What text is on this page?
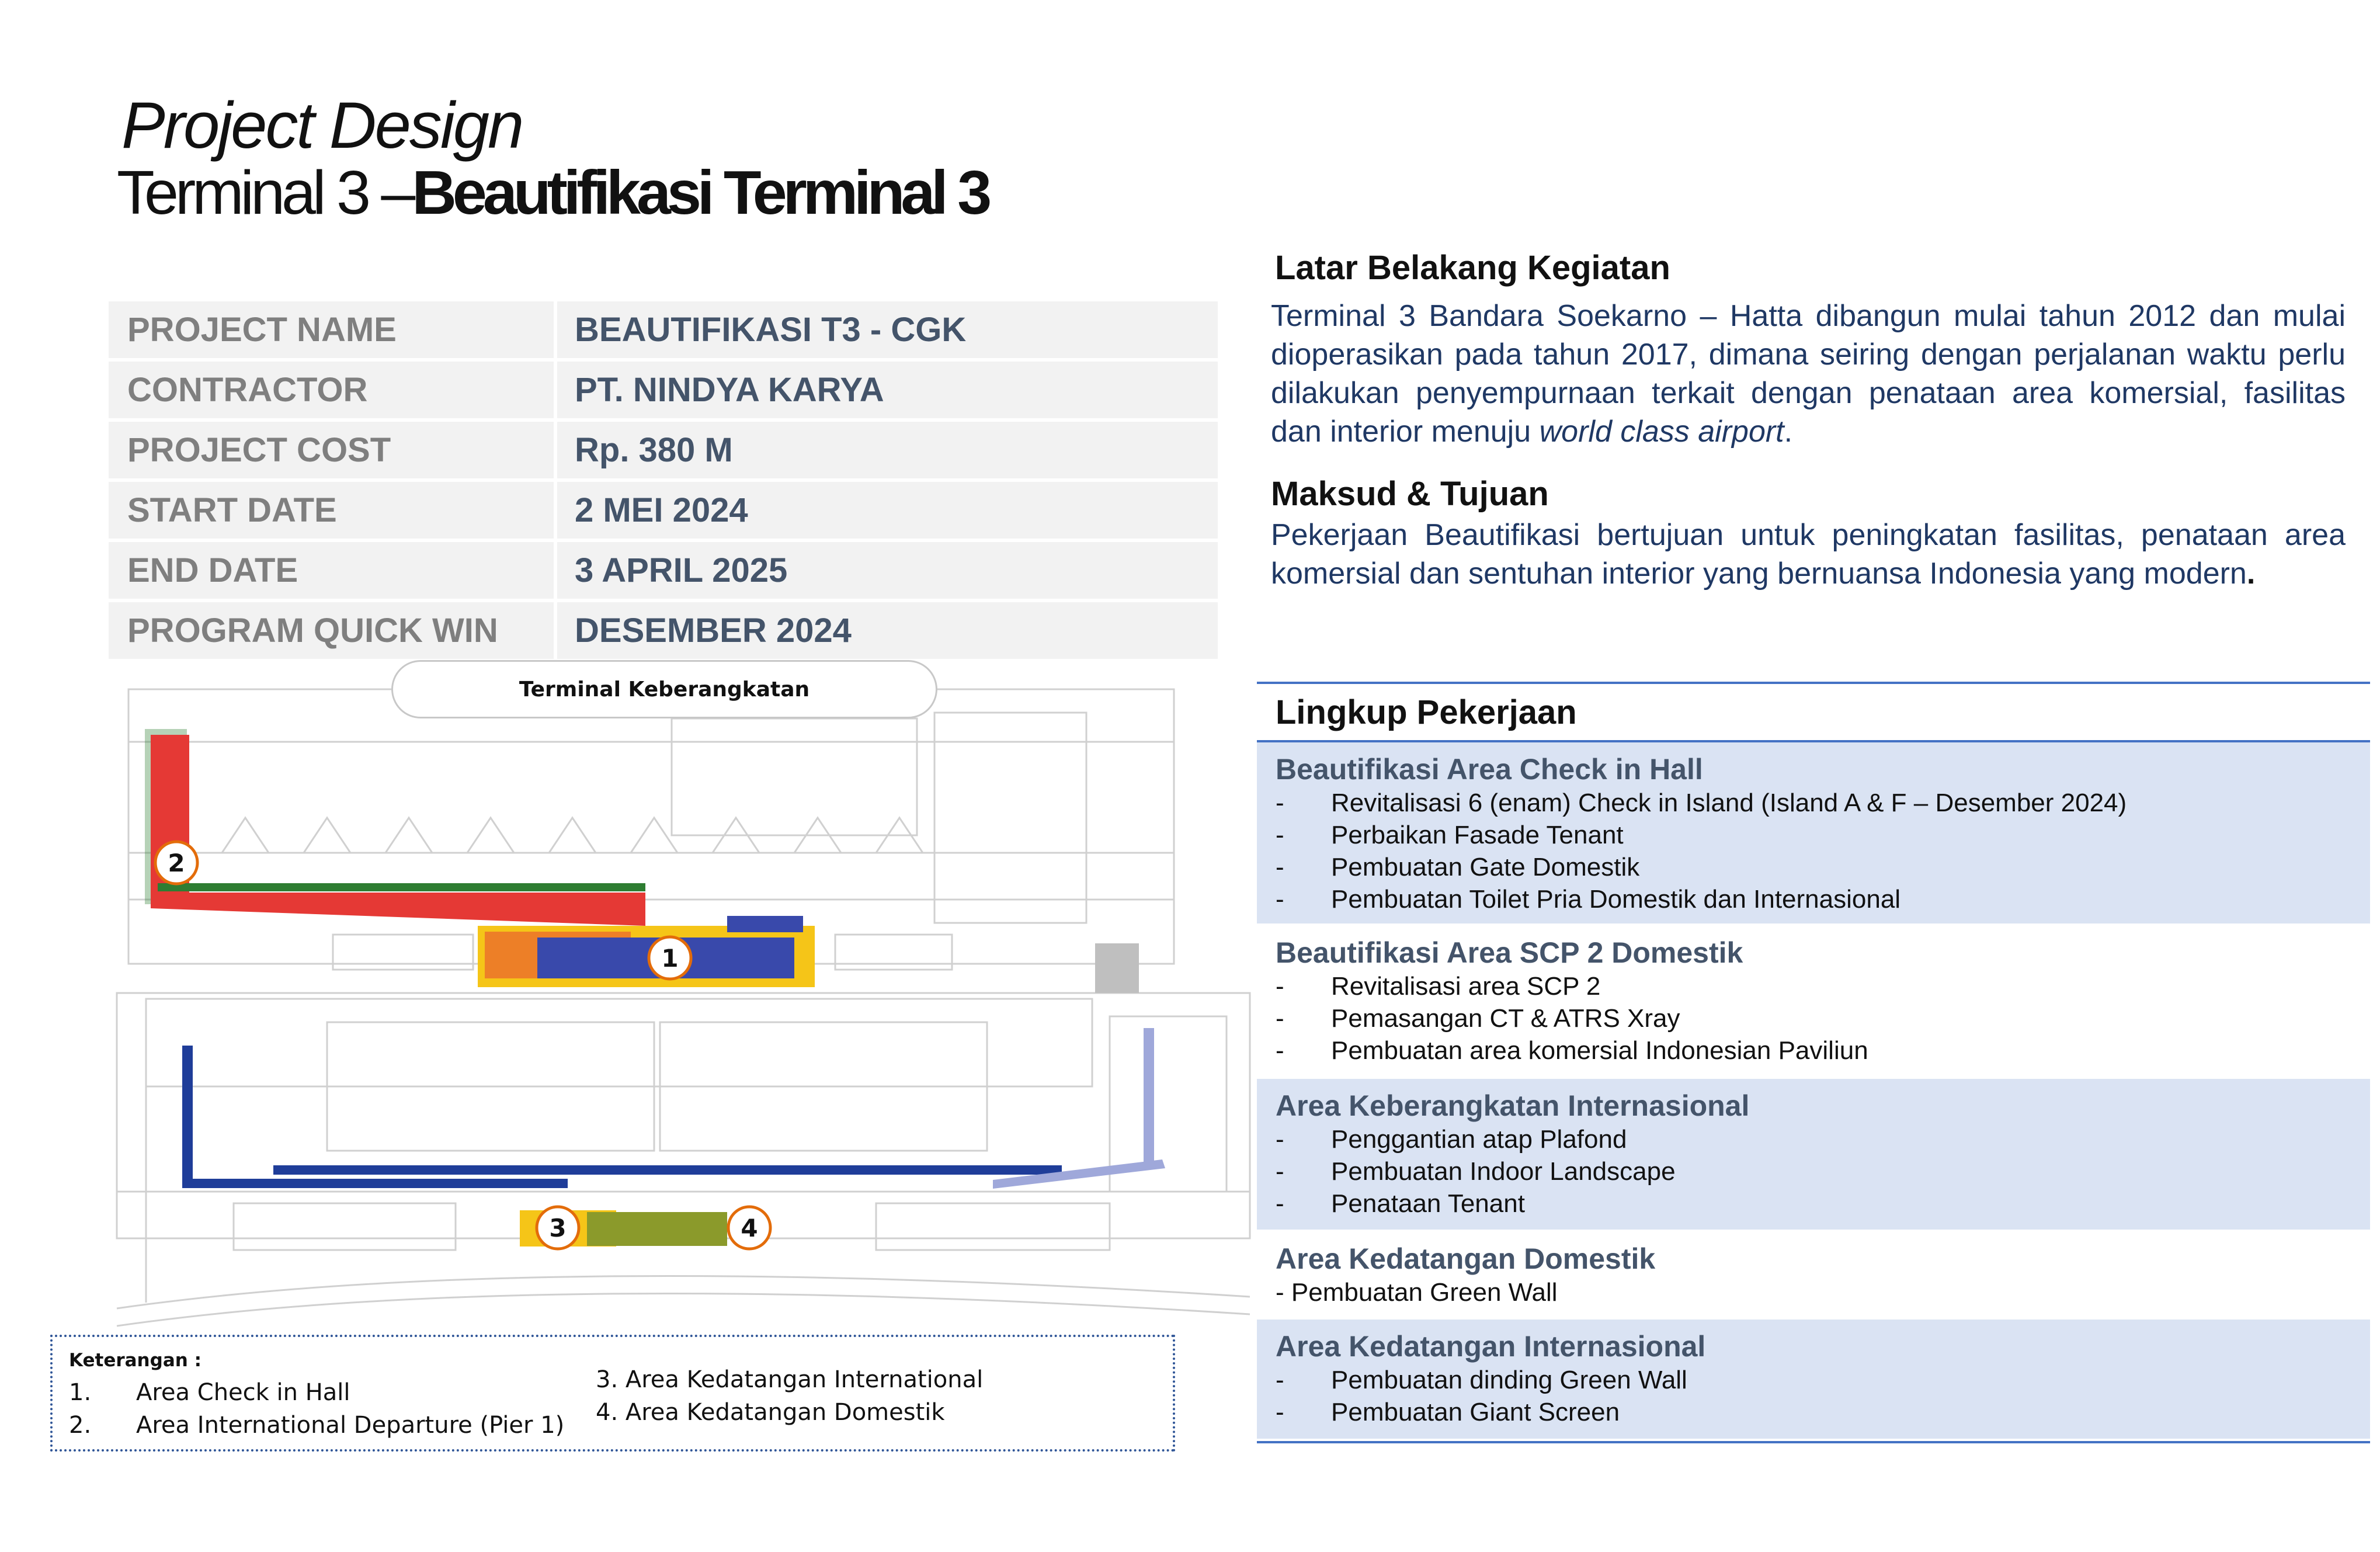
Project Design
Terminal 3 –Beautifikasi Terminal 3
PROJECT NAME	BEAUTIFIKASI T3 - CGK
CONTRACTOR	PT. NINDYA KARYA
PROJECT COST	Rp. 380 M
START DATE	2 MEI 2024
END DATE	3 APRIL 2025
PROGRAM QUICK WIN	DESEMBER 2024
1
2
3	4
Terminal Keberangkatan
Keterangan :
1. Area Check in Hall
2. Area International Departure (Pier 1)
3. Area Kedatangan International
4. Area Kedatangan Domestik
Latar Belakang Kegiatan
Terminal 3 Bandara Soekarno – Hatta dibangun mulai tahun 2012 dan mulai dioperasikan pada tahun 2017, dimana seiring dengan perjalanan waktu perlu dilakukan penyempurnaan terkait dengan penataan area komersial, fasilitas dan interior menuju world class airport.
Maksud & Tujuan
Pekerjaan Beautifikasi bertujuan untuk peningkatan fasilitas, penataan area komersial dan sentuhan interior yang bernuansa Indonesia yang modern.
Lingkup Pekerjaan
Beautifikasi Area Check in Hall
- Revitalisasi 6 (enam) Check in Island (Island A & F – Desember 2024)
- Perbaikan Fasade Tenant
- Pembuatan Gate Domestik
- Pembuatan Toilet Pria Domestik dan Internasional
Beautifikasi Area SCP 2 Domestik
- Revitalisasi area SCP 2
- Pemasangan CT & ATRS Xray
- Pembuatan area komersial Indonesian Paviliun
Area Keberangkatan Internasional
- Penggantian atap Plafond
- Pembuatan Indoor Landscape
- Penataan Tenant
Area Kedatangan Domestik
- Pembuatan Green Wall
Area Kedatangan Internasional
- Pembuatan dinding Green Wall
- Pembuatan Giant Screen
